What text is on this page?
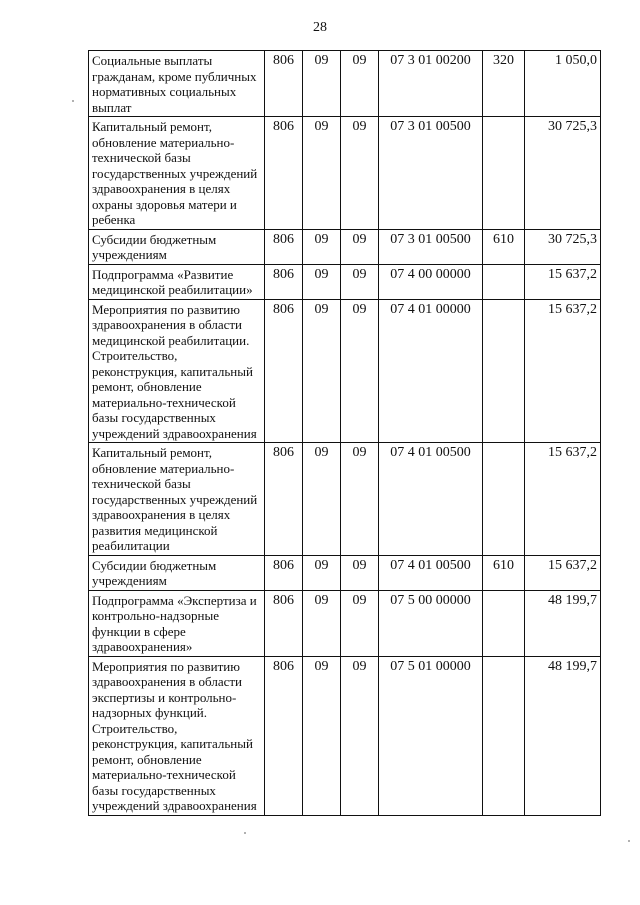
28
Социальные выплаты гражданам, кроме публичных нормативных социальных выплат	806	09	09	07 3 01 00200	320	1 050,0
Капитальный ремонт, обновление материально-технической базы государственных учреждений здравоохранения в целях охраны здоровья матери и ребенка	806	09	09	07 3 01 00500		30 725,3
Субсидии бюджетным учреждениям	806	09	09	07 3 01 00500	610	30 725,3
Подпрограмма «Развитие медицинской реабилитации»	806	09	09	07 4 00 00000		15 637,2
Мероприятия по развитию здравоохранения в области медицинской реабилитации. Строительство, реконструкция, капитальный ремонт, обновление материально-технической базы государственных учреждений здравоохранения	806	09	09	07 4 01 00000		15 637,2
Капитальный ремонт, обновление материально-технической базы государственных учреждений здравоохранения в целях развития медицинской реабилитации	806	09	09	07 4 01 00500		15 637,2
Субсидии бюджетным учреждениям	806	09	09	07 4 01 00500	610	15 637,2
Подпрограмма «Экспертиза и контрольно-надзорные функции в сфере здравоохранения»	806	09	09	07 5 00 00000		48 199,7
Мероприятия по развитию здравоохранения в области экспертизы и контрольно-надзорных функций. Строительство, реконструкция, капитальный ремонт, обновление материально-технической базы государственных учреждений здравоохранения	806	09	09	07 5 01 00000		48 199,7
